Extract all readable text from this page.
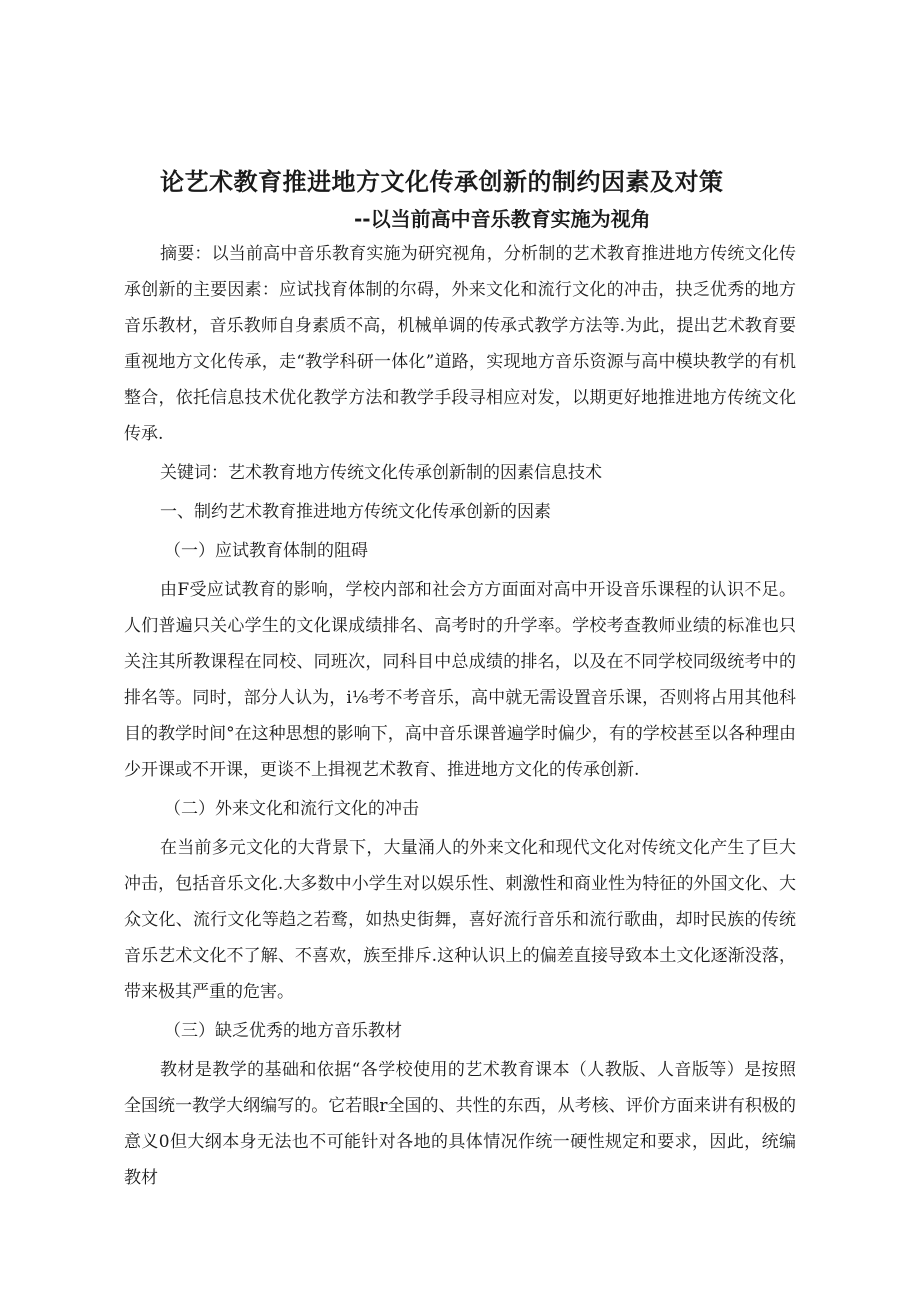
论艺术教育推进地方文化传承创新的制约因素及对策
--以当前高中音乐教育实施为视角

摘要：以当前高中音乐教育实施为研究视角，分析制的艺术教育推进地方传统文化传承创新的主要因素：应试找育体制的尔碍，外来文化和流行文化的冲击，抉乏优秀的地方音乐教材，音乐教师自身素质不高，机械单调的传承式教学方法等.为此，提出艺术教育要重视地方文化传承，走“教学科研一体化”道路，实现地方音乐资源与高中模块教学的有机整合，依托信息技术优化教学方法和教学手段寻相应对发，以期更好地推进地方传统文化传承.

关键词：艺术教育地方传统文化传承创新制的因素信息技术

一、制约艺术教育推进地方传统文化传承创新的因素

（一）应试教育体制的阻碍

由F受应试教育的影响，学校内部和社会方方面面对高中开设音乐课程的认识不足。人们普遍只关心学生的文化课成绩排名、高考时的升学率。学校考查教师业绩的标准也只关注其所教课程在同校、同班次，同科目中总成绩的排名，以及在不同学校同级统考中的排名等。同时，部分人认为，i⅛考不考音乐，高中就无需设置音乐课，否则将占用其他科目的教学时间°在这种思想的影响下，高中音乐课普遍学时偏少，有的学校甚至以各种理由少开课或不开课，更谈不上揖视艺术教育、推进地方文化的传承创新.

（二）外来文化和流行文化的冲击

在当前多元文化的大背景下，大量涌人的外来文化和现代文化对传统文化产生了巨大冲击，包括音乐文化.大多数中小学生对以娱乐性、刺激性和商业性为特征的外国文化、大众文化、流行文化等趋之若鹜，如热史街舞，喜好流行音乐和流行歌曲，却时民族的传统音乐艺术文化不了解、不喜欢，族至排斥.这种认识上的偏差直接导致本土文化逐渐没落，带来极其严重的危害。

（三）缺乏优秀的地方音乐教材

教材是教学的基础和依据“各学校使用的艺术教育课本（人教版、人音版等）是按照全国统一教学大纲编写的。它若眼r全国的、共性的东西，从考核、评价方面来讲有积极的意义0但大纲本身无法也不可能针对各地的具体情况作统一硬性规定和要求，因此，统编教材
